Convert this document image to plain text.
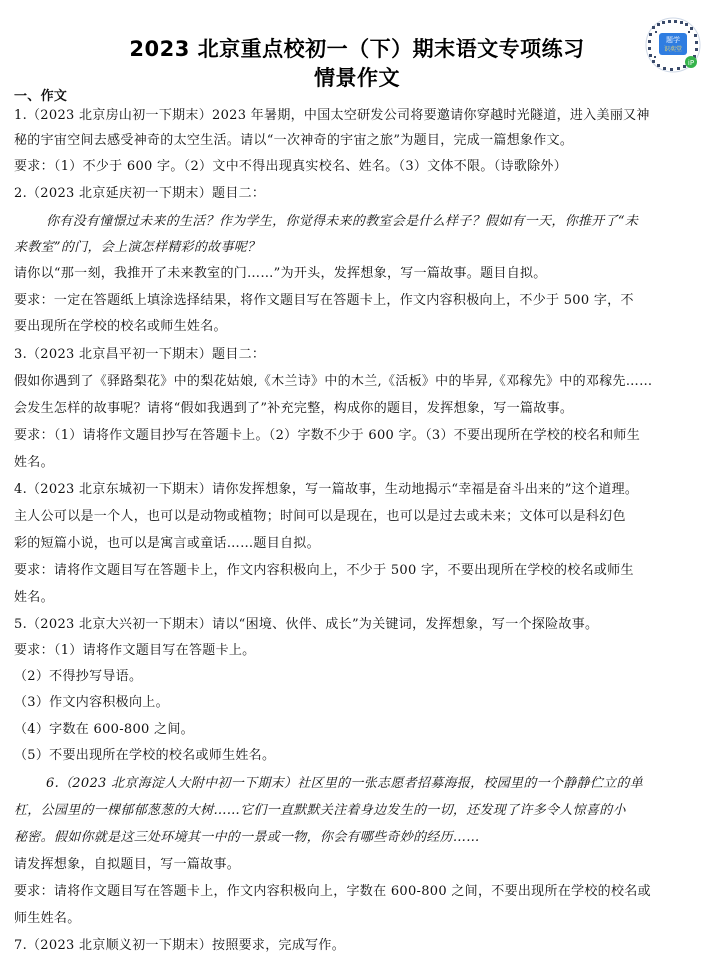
2023 北京重点校初一（下）期末语文专项练习
情景作文
题学
识奕堂
iP
一、作文
1.（2023 北京房山初一下期末）2023 年暑期，中国太空研发公司将要邀请你穿越时光隧道，进入美丽又神
秘的宇宙空间去感受神奇的太空生活。请以“一次神奇的宇宙之旅”为题目，完成一篇想象作文。
要求：（1）不少于 600 字。（2）文中不得出现真实校名、姓名。（3）文体不限。（诗歌除外）
2.（2023 北京延庆初一下期末）题目二：
你有没有憧憬过未来的生活？作为学生，你觉得未来的教室会是什么样子？假如有一天，你推开了“未
来教室”的门，会上演怎样精彩的故事呢？
请你以“那一刻，我推开了未来教室的门……”为开头，发挥想象，写一篇故事。题目自拟。
要求：一定在答题纸上填涂选择结果，将作文题目写在答题卡上，作文内容积极向上，不少于 500 字，不
要出现所在学校的校名或师生姓名。
3.（2023 北京昌平初一下期末）题目二：
假如你遇到了《驿路梨花》中的梨花姑娘,《木兰诗》中的木兰,《活板》中的毕昇,《邓稼先》中的邓稼先……
会发生怎样的故事呢？请将“假如我遇到了”补充完整，构成你的题目，发挥想象，写一篇故事。
要求：（1）请将作文题目抄写在答题卡上。（2）字数不少于 600 字。（3）不要出现所在学校的校名和师生
姓名。
4.（2023 北京东城初一下期末）请你发挥想象，写一篇故事，生动地揭示“幸福是奋斗出来的”这个道理。
主人公可以是一个人，也可以是动物或植物；时间可以是现在，也可以是过去或未来；文体可以是科幻色
彩的短篇小说，也可以是寓言或童话……题目自拟。
要求：请将作文题目写在答题卡上，作文内容积极向上，不少于 500 字，不要出现所在学校的校名或师生
姓名。
5.（2023 北京大兴初一下期末）请以“困境、伙伴、成长”为关键词，发挥想象，写一个探险故事。
要求：（1）请将作文题目写在答题卡上。
（2）不得抄写导语。
（3）作文内容积极向上。
（4）字数在 600-800 之间。
（5）不要出现所在学校的校名或师生姓名。
6.（2023 北京海淀人大附中初一下期末）社区里的一张志愿者招募海报，校园里的一个静静伫立的单
杠，公园里的一棵郁郁葱葱的大树……它们一直默默关注着身边发生的一切，还发现了许多令人惊喜的小
秘密。假如你就是这三处环境其一中的一景或一物，你会有哪些奇妙的经历……
请发挥想象，自拟题目，写一篇故事。
要求：请将作文题目写在答题卡上，作文内容积极向上，字数在 600-800 之间，不要出现所在学校的校名或
师生姓名。
7.（2023 北京顺义初一下期末）按照要求，完成写作。
